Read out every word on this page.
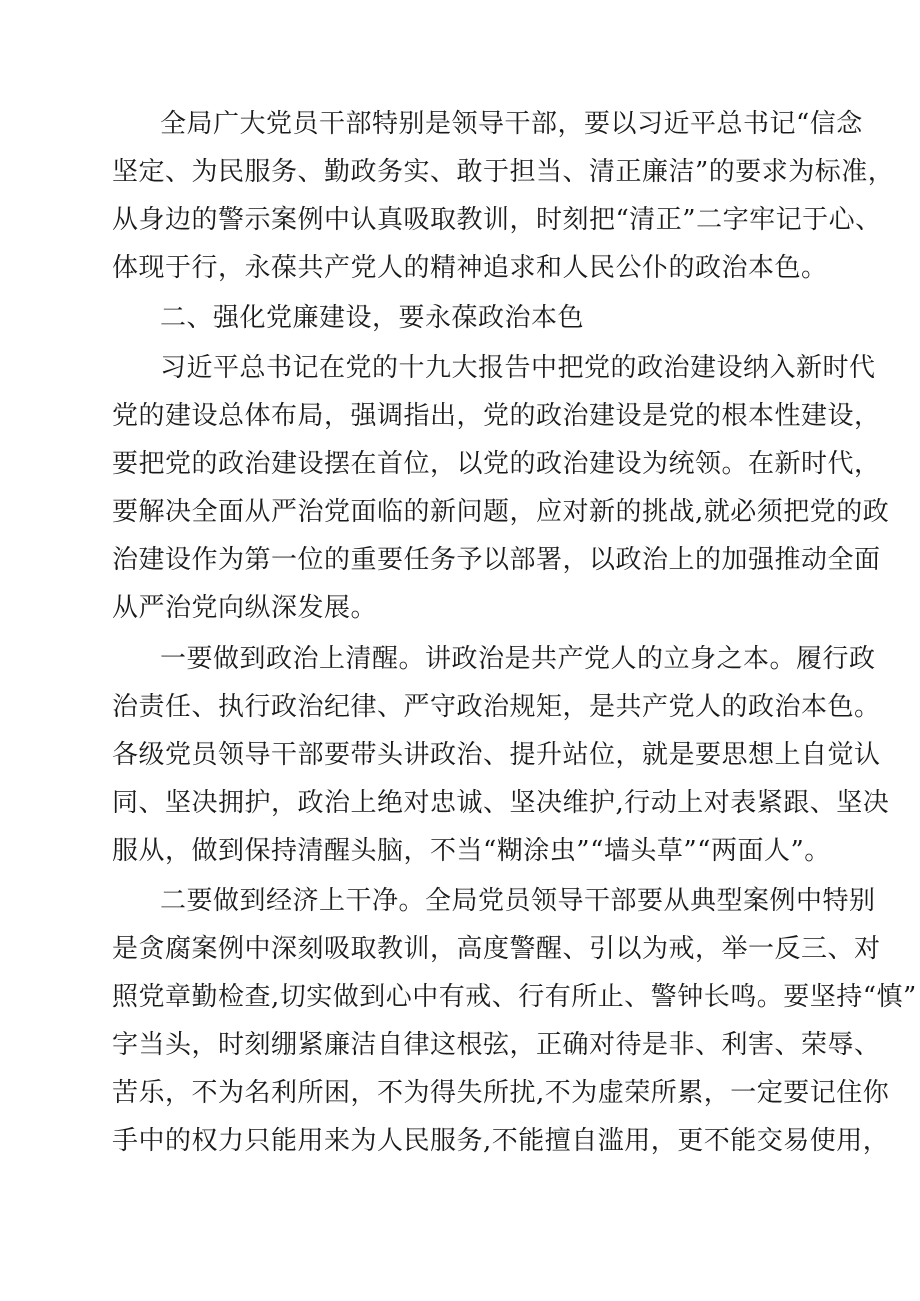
全局广大党员干部特别是领导干部，要以习近平总书记“信念
坚定、为民服务、勤政务实、敢于担当、清正廉洁”的要求为标准，
从身边的警示案例中认真吸取教训，时刻把“清正”二字牢记于心、
体现于行，永葆共产党人的精神追求和人民公仆的政治本色。
二、强化党廉建设，要永葆政治本色
习近平总书记在党的十九大报告中把党的政治建设纳入新时代
党的建设总体布局，强调指出，党的政治建设是党的根本性建设，
要把党的政治建设摆在首位，以党的政治建设为统领。在新时代，
要解决全面从严治党面临的新问题，应对新的挑战,就必须把党的政
治建设作为第一位的重要任务予以部署，以政治上的加强推动全面
从严治党向纵深发展。
一要做到政治上清醒。讲政治是共产党人的立身之本。履行政
治责任、执行政治纪律、严守政治规矩，是共产党人的政治本色。
各级党员领导干部要带头讲政治、提升站位，就是要思想上自觉认
同、坚决拥护，政治上绝对忠诚、坚决维护,行动上对表紧跟、坚决
服从，做到保持清醒头脑，不当“糊涂虫”“墙头草”“两面人”。
二要做到经济上干净。全局党员领导干部要从典型案例中特别
是贪腐案例中深刻吸取教训，高度警醒、引以为戒，举一反三、对
照党章勤检查,切实做到心中有戒、行有所止、警钟长鸣。要坚持“慎”
字当头，时刻绷紧廉洁自律这根弦，正确对待是非、利害、荣辱、
苦乐，不为名利所困，不为得失所扰,不为虚荣所累，一定要记住你
手中的权力只能用来为人民服务,不能擅自滥用，更不能交易使用，
